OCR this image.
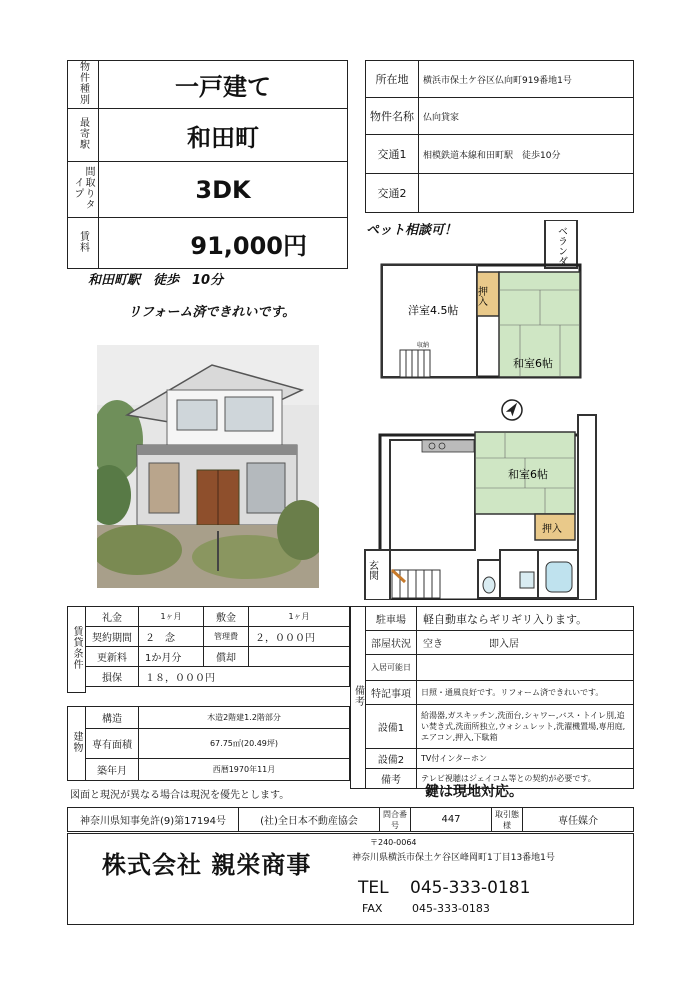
物件種別	一戸建て
最寄駅	和田町
間取りタイプ	3DK
賃料	91,000円
所在地	横浜市保土ケ谷区仏向町919番地1号
物件名称	仏向貸家
交通1	相模鉄道本線和田町駅　徒歩10分
交通2	
ペット相談可！
和田町駅　徒歩　10分
リフォーム済できれいです。
ベランダ
洋室4.5帖
押入
和室6帖
収納
和室6帖
押入
玄関
賃貸条件	礼金	1ヶ月	敷金	1ヶ月
	契約期間	２　念	管理費	２，０００円
	更新料	1か月分	償却	
	損保	１８，０００円		

建物	構造	木造2階建1.2階部分
	専有面積	67.75㎡(20.49坪)
	築年月	西暦1970年11月
備考	駐車場	軽自動車ならギリギリ入ります。	
	部屋状況	空き	即入居
	入居可能日		
	特記事項	日照・通風良好です。リフォーム済できれいです。	
	設備1	給湯器,ガスキッチン,洗面台,シャワー,バス・トイレ別,追い焚き式,洗面所独立,ウォシュレット,洗濯機置場,専用庭,エアコン,押入,下駄箱	
	設備2	TV付インターホン	
	備考	テレビ視聴はジェイコム等との契約が必要です。	
図面と現況が異なる場合は現況を優先とします。	鍵は現地対応。
神奈川県知事免許(9)第17194号	(社)全日本不動産協会	問合番号	447	取引態様	専任媒介
株式会社 親栄商事
〒240-0064
神奈川県横浜市保土ケ谷区峰岡町1丁目13番地1号
TEL 045-333-0181
FAX	045-333-0183
